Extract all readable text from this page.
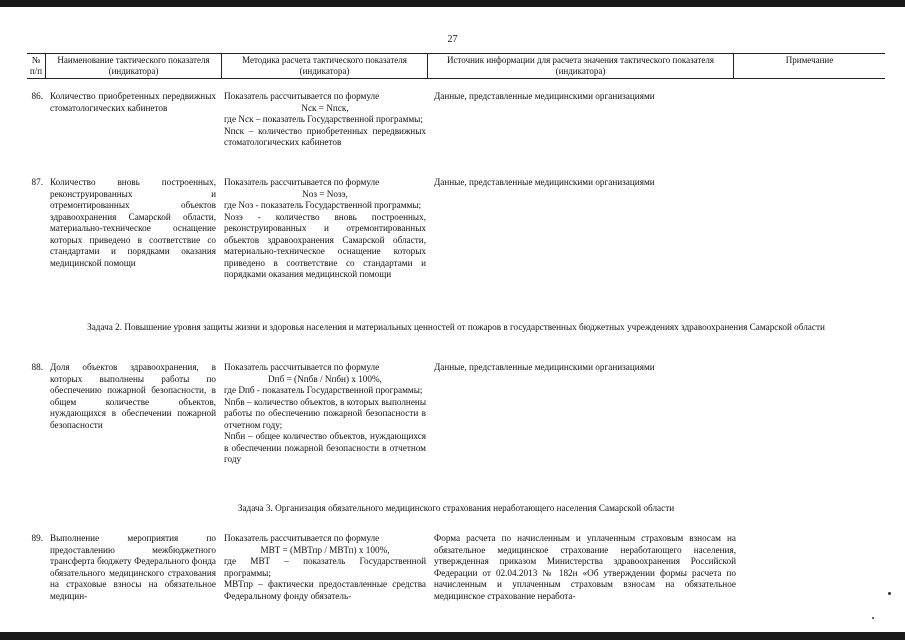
27
№ п/п
Наименование тактического показателя (индикатора)
Методика расчета тактического показателя (индикатора)
Источник информации для расчета значения тактического показателя (индикатора)
Примечание
86. Количество приобретенных передвижных стоматологических кабинетов
Показатель рассчитывается по формуле
Nск = Nпск,
где Nск – показатель Государственной программы;
Nпск – количество приобретенных передвижных стоматологических кабинетов
Данные, представленные медицинскими организациями
87. Количество вновь построенных, реконструированных и отремонтированных объектов здравоохранения Самарской области, материально-техническое оснащение которых приведено в соответствие со стандартами и порядками оказания медицинской помощи
Показатель рассчитывается по формуле
Nоз = Nозэ,
где Nоз - показатель Государственной программы;
Nозэ - количество вновь построенных, реконструированных и отремонтированных объектов здравоохранения Самарской области, материально-техническое оснащение которых приведено в соответствие со стандартами и порядками оказания медицинской помощи
Данные, представленные медицинскими организациями
Задача 2. Повышение уровня защиты жизни и здоровья населения и материальных ценностей от пожаров в государственных бюджетных учреждениях здравоохранения Самарской области
88. Доля объектов здравоохранения, в которых выполнены работы по обеспечению пожарной безопасности, в общем количестве объектов, нуждающихся в обеспечении пожарной безопасности
Показатель рассчитывается по формуле
Dпб = (Nпбв / Nпбн) x 100%,
где Dпб - показатель Государственной программы;
Nпбв – количество объектов, в которых выполнены работы по обеспечению пожарной безопасности в отчетном году;
Nпбн – общее количество объектов, нуждающихся в обеспечении пожарной безопасности в отчетном году
Данные, представленные медицинскими организациями
Задача 3. Организация обязательного медицинского страхования неработающего населения Самарской области
89. Выполнение мероприятия по предоставлению межбюджетного трансферта бюджету Федерального фонда обязательного медицинского страхования на страховые взносы на обязательное медицин-
Показатель рассчитывается по формуле
МВТ = (МВТпр / МВТп) x 100%,
где МВТ – показатель Государственной программы;
МВТпр – фактически предоставленные средства Федеральному фонду обязатель-
Форма расчета по начисленным и уплаченным страховым взносам на обязательное медицинское страхование неработающего населения, утвержденная приказом Министерства здравоохранения Российской Федерации от 02.04.2013 № 182н «Об утверждении формы расчета по начисленным и уплаченным страховым взносам на обязательное медицинское страхование неработа-
